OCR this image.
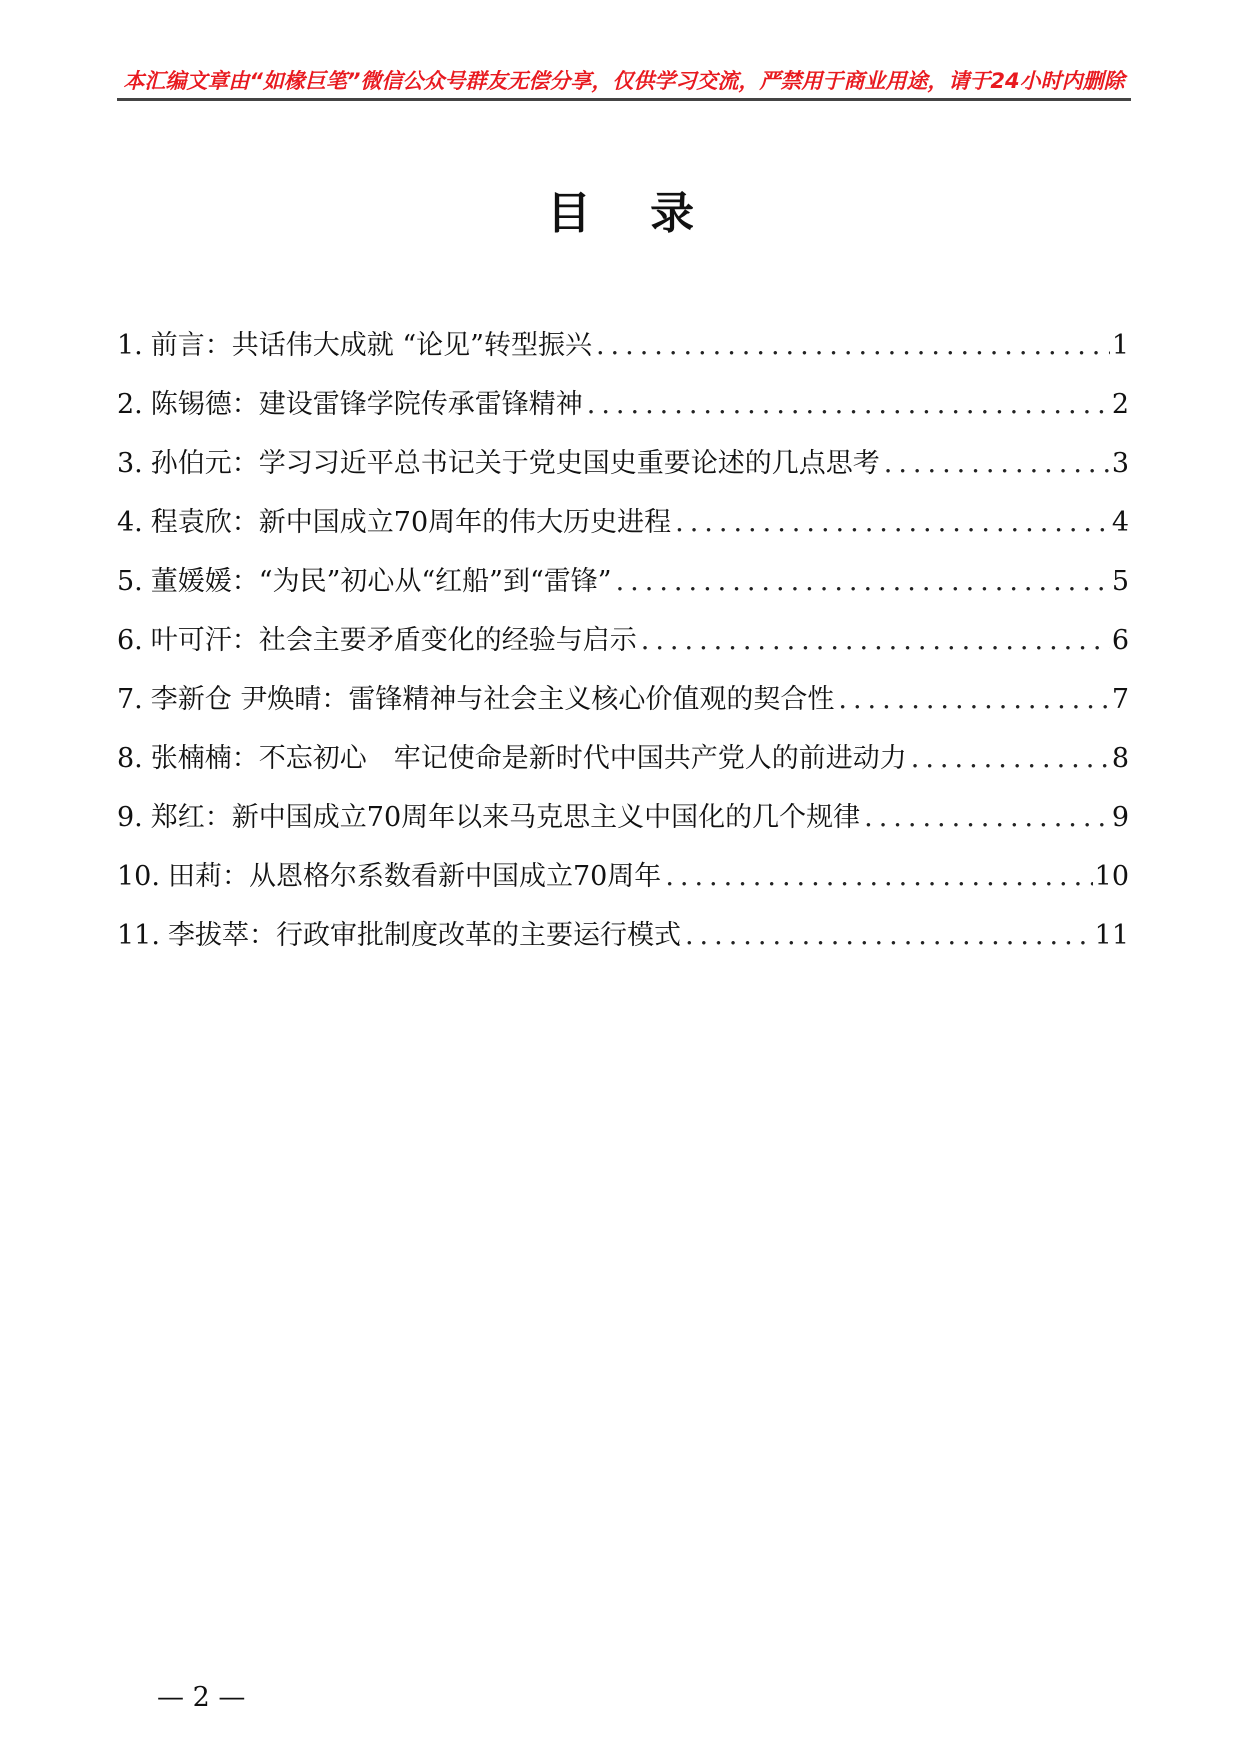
本汇编文章由“如椽巨笔”微信公众号群友无偿分享，仅供学习交流，严禁用于商业用途，请于24小时内删除
目 录
1. 前言：共话伟大成就 “论见”转型振兴 .....	1
2. 陈锡德：建设雷锋学院传承雷锋精神 .....	2
3. 孙伯元：学习习近平总书记关于党史国史重要论述的几点思考 .....	3
4. 程袁欣：新中国成立70周年的伟大历史进程 .....	4
5. 董媛媛：“为民”初心从“红船”到“雷锋” .....	5
6. 叶可汗：社会主要矛盾变化的经验与启示 .....	6
7. 李新仓 尹焕晴：雷锋精神与社会主义核心价值观的契合性 .....	7
8. 张楠楠：不忘初心　牢记使命是新时代中国共产党人的前进动力 .....	8
9. 郑红：新中国成立70周年以来马克思主义中国化的几个规律 .....	9
10. 田莉：从恩格尔系数看新中国成立70周年 .....	10
11. 李拔萃：行政审批制度改革的主要运行模式 .....	11
— 2 —
